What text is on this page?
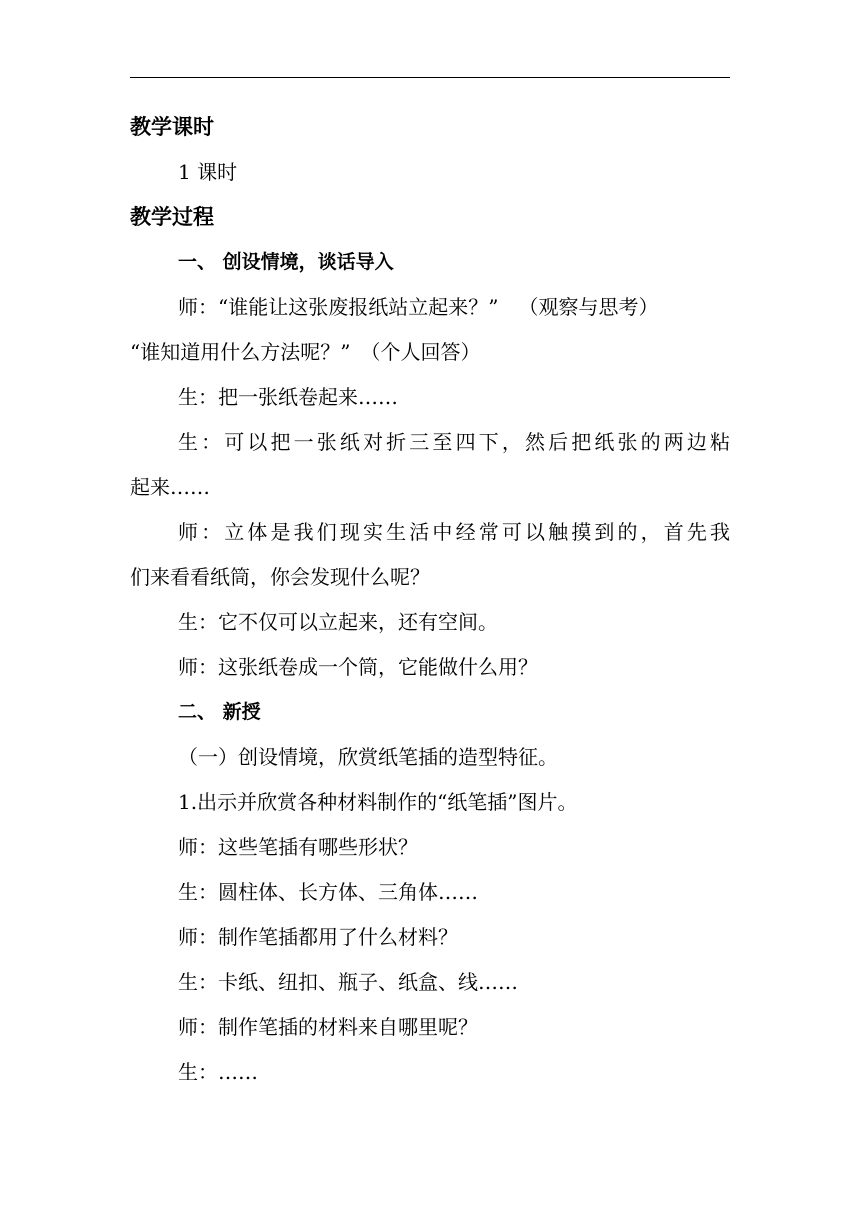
教学课时
1 课时
教学过程
一、 创设情境，谈话导入
师：“谁能让这张废报纸站立起来？” （观察与思考）
“谁知道用什么方法呢？” （个人回答）
生：把一张纸卷起来……
生：可以把一张纸对折三至四下，然后把纸张的两边粘
起来……
师：立体是我们现实生活中经常可以触摸到的，首先我
们来看看纸筒，你会发现什么呢？
生：它不仅可以立起来，还有空间。
师：这张纸卷成一个筒，它能做什么用？
二、 新授
（一）创设情境，欣赏纸笔插的造型特征。
1.出示并欣赏各种材料制作的“纸笔插”图片。
师：这些笔插有哪些形状？
生：圆柱体、长方体、三角体……
师：制作笔插都用了什么材料？
生：卡纸、纽扣、瓶子、纸盒、线……
师：制作笔插的材料来自哪里呢？
生：……
